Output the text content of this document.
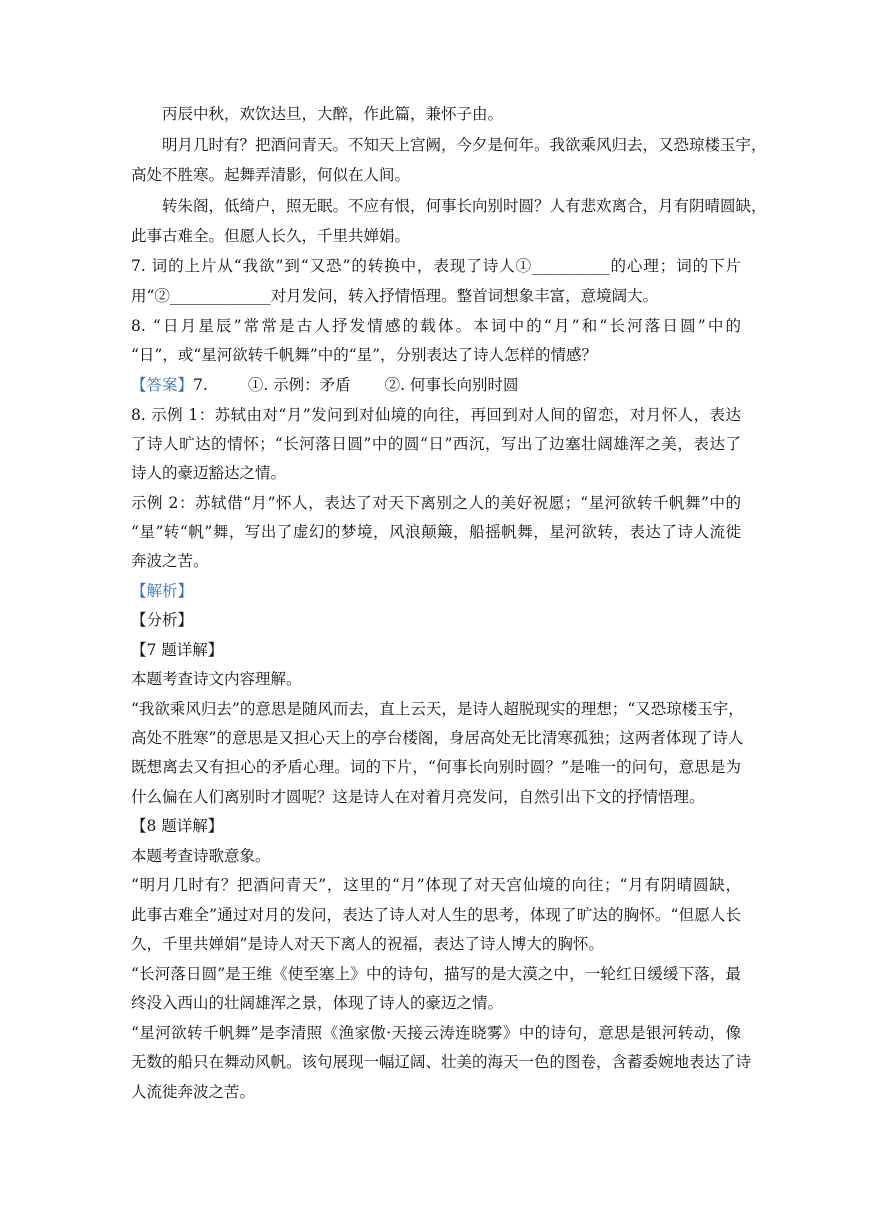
丙辰中秋，欢饮达旦，大醉，作此篇，兼怀子由。
明月几时有？把酒问青天。不知天上宫阙，今夕是何年。我欲乘风归去，又恐琼楼玉宇，
高处不胜寒。起舞弄清影，何似在人间。
转朱阁，低绮户，照无眠。不应有恨，何事长向别时圆？人有悲欢离合，月有阴晴圆缺，
此事古难全。但愿人长久，千里共婵娟。
7. 词的上片从“我欲”到“又恐”的转换中，表现了诗人①__________的心理；词的下片
用“②_____________对月发问，转入抒情悟理。整首词想象丰富，意境阔大。
8. “日月星辰”常常是古人抒发情感的载体。本词中的“月”和“长河落日圆”中的
“日”，或“星河欲转千帆舞”中的“星”，分别表达了诗人怎样的情感？
【答案】7.	①. 示例：矛盾 ②. 何事长向别时圆
8. 示例 1：苏轼由对“月”发问到对仙境的向往，再回到对人间的留恋，对月怀人，表达
了诗人旷达的情怀；“长河落日圆”中的圆“日”西沉，写出了边塞壮阔雄浑之美，表达了
诗人的豪迈豁达之情。
示例 2：苏轼借“月”怀人，表达了对天下离别之人的美好祝愿；“星河欲转千帆舞”中的
“星”转“帆”舞，写出了虚幻的梦境，风浪颠簸，船摇帆舞，星河欲转，表达了诗人流徙
奔波之苦。
【解析】
【分析】
【7 题详解】
本题考查诗文内容理解。
“我欲乘风归去”的意思是随风而去，直上云天，是诗人超脱现实的理想；“又恐琼楼玉宇，
高处不胜寒”的意思是又担心天上的亭台楼阁，身居高处无比清寒孤独；这两者体现了诗人
既想离去又有担心的矛盾心理。词的下片，“何事长向别时圆？”是唯一的问句，意思是为
什么偏在人们离别时才圆呢？这是诗人在对着月亮发问，自然引出下文的抒情悟理。
【8 题详解】
本题考查诗歌意象。
“明月几时有？把酒问青天”，这里的“月”体现了对天宫仙境的向往；“月有阴晴圆缺，
此事古难全”通过对月的发问，表达了诗人对人生的思考，体现了旷达的胸怀。“但愿人长
久，千里共婵娟”是诗人对天下离人的祝福，表达了诗人博大的胸怀。
“长河落日圆”是王维《使至塞上》中的诗句，描写的是大漠之中，一轮红日缓缓下落，最
终没入西山的壮阔雄浑之景，体现了诗人的豪迈之情。
“星河欲转千帆舞”是李清照《渔家傲·天接云涛连晓雾》中的诗句，意思是银河转动，像
无数的船只在舞动风帆。该句展现一幅辽阔、壮美的海天一色的图卷，含蓄委婉地表达了诗
人流徙奔波之苦。
